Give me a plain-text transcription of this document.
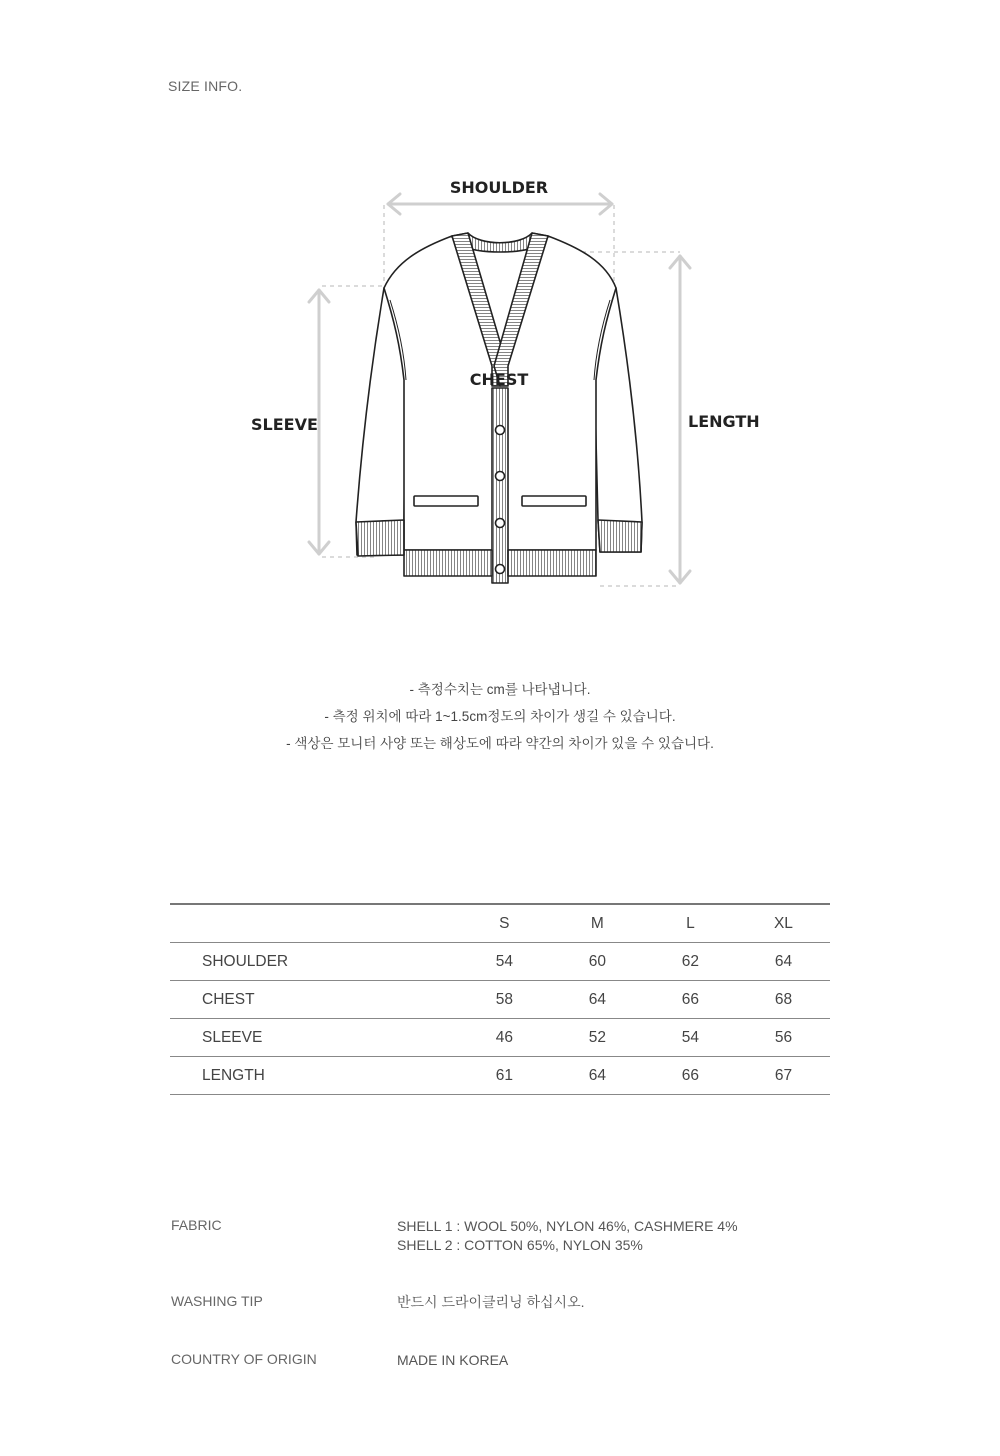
SIZE INFO.
SHOULDER
CHEST
SLEEVE	LENGTH
- 측정수치는 cm를 나타냅니다.
- 측정 위치에 따라 1~1.5cm정도의 차이가 생길 수 있습니다.
- 색상은 모니터 사양 또는 해상도에 따라 약간의 차이가 있을 수 있습니다.
	S	M	L	XL
SHOULDER	54	60	62	64
CHEST	58	64	66	68
SLEEVE	46	52	54	56
LENGTH	61	64	66	67
FABRIC	SHELL 1 : WOOL 50%, NYLON 46%, CASHMERE 4%
SHELL 2 : COTTON 65%, NYLON 35%
WASHING TIP	반드시 드라이클리닝 하십시오.
COUNTRY OF ORIGIN	MADE IN KOREA
